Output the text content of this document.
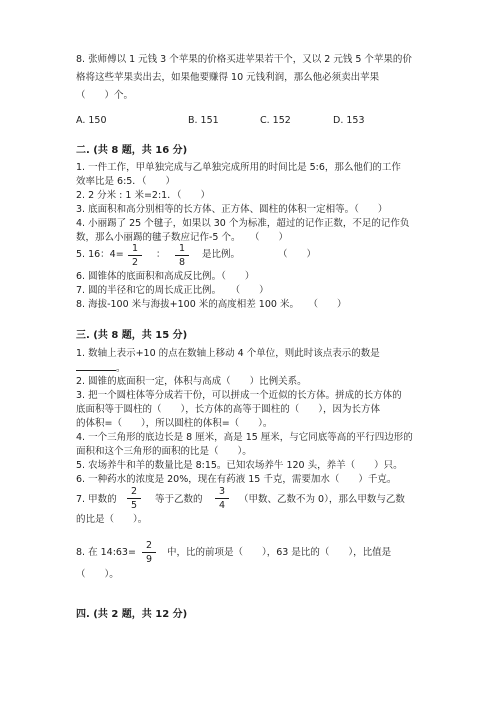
8. 张师傅以 1 元钱 3 个苹果的价格买进苹果若干个，又以 2 元钱 5 个苹果的价
格将这些苹果卖出去，如果他要赚得 10 元钱利润，那么他必须卖出苹果
（　　）个。
A. 150	B. 151	C. 152	D. 153
二. (共 8 题，共 16 分)
1. 一件工作，甲单独完成与乙单独完成所用的时间比是 5:6，那么他们的工作
效率比是 6:5．（　　）
2. 2 分米 : 1 米=2:1．（　　）
3. 底面积和高分别相等的长方体、正方体、圆柱的体积一定相等。（　　）
4. 小丽踢了 25 个毽子，如果以 30 个为标准，超过的记作正数，不足的记作负
数，那么小丽踢的毽子数应记作-5 个。　　（　　）
5. 16：4=
1
2
：
1
8
是比例。　　　　　（　　）
6. 圆锥体的底面积和高成反比例。（　　）
7. 圆的半径和它的周长成正比例。　　（　　）
8. 海拔-100 米与海拔+100 米的高度相差 100 米。　　（　　）
三. (共 8 题，共 15 分)
1. 数轴上表示+10 的点在数轴上移动 4 个单位，则此时该点表示的数是
。
2. 圆锥的底面积一定，体积与高成（　　）比例关系。
3. 把一个圆柱体等分成若干份，可以拼成一个近似的长方体。拼成的长方体的
底面积等于圆柱的（　　），长方体的高等于圆柱的（　　），因为长方体
的体积=（　　），所以圆柱的体积=（　　）。
4. 一个三角形的底边长是 8 厘米，高是 15 厘米，与它同底等高的平行四边形的
面积和这个三角形的面积的比是（　　）。
5. 农场养牛和羊的数量比是 8:15。已知农场养牛 120 头，养羊（　　）只。
6. 一种药水的浓度是 20%，现在有药液 15 千克，需要加水（　　）千克。
7. 甲数的
2
5
等于乙数的
3
4
（甲数、乙数不为 0），那么甲数与乙数
的比是（　　）。
8. 在 14:63=
2
9
中，比的前项是（　　），63 是比的（　　），比值是
（　　）。
四. (共 2 题，共 12 分)
